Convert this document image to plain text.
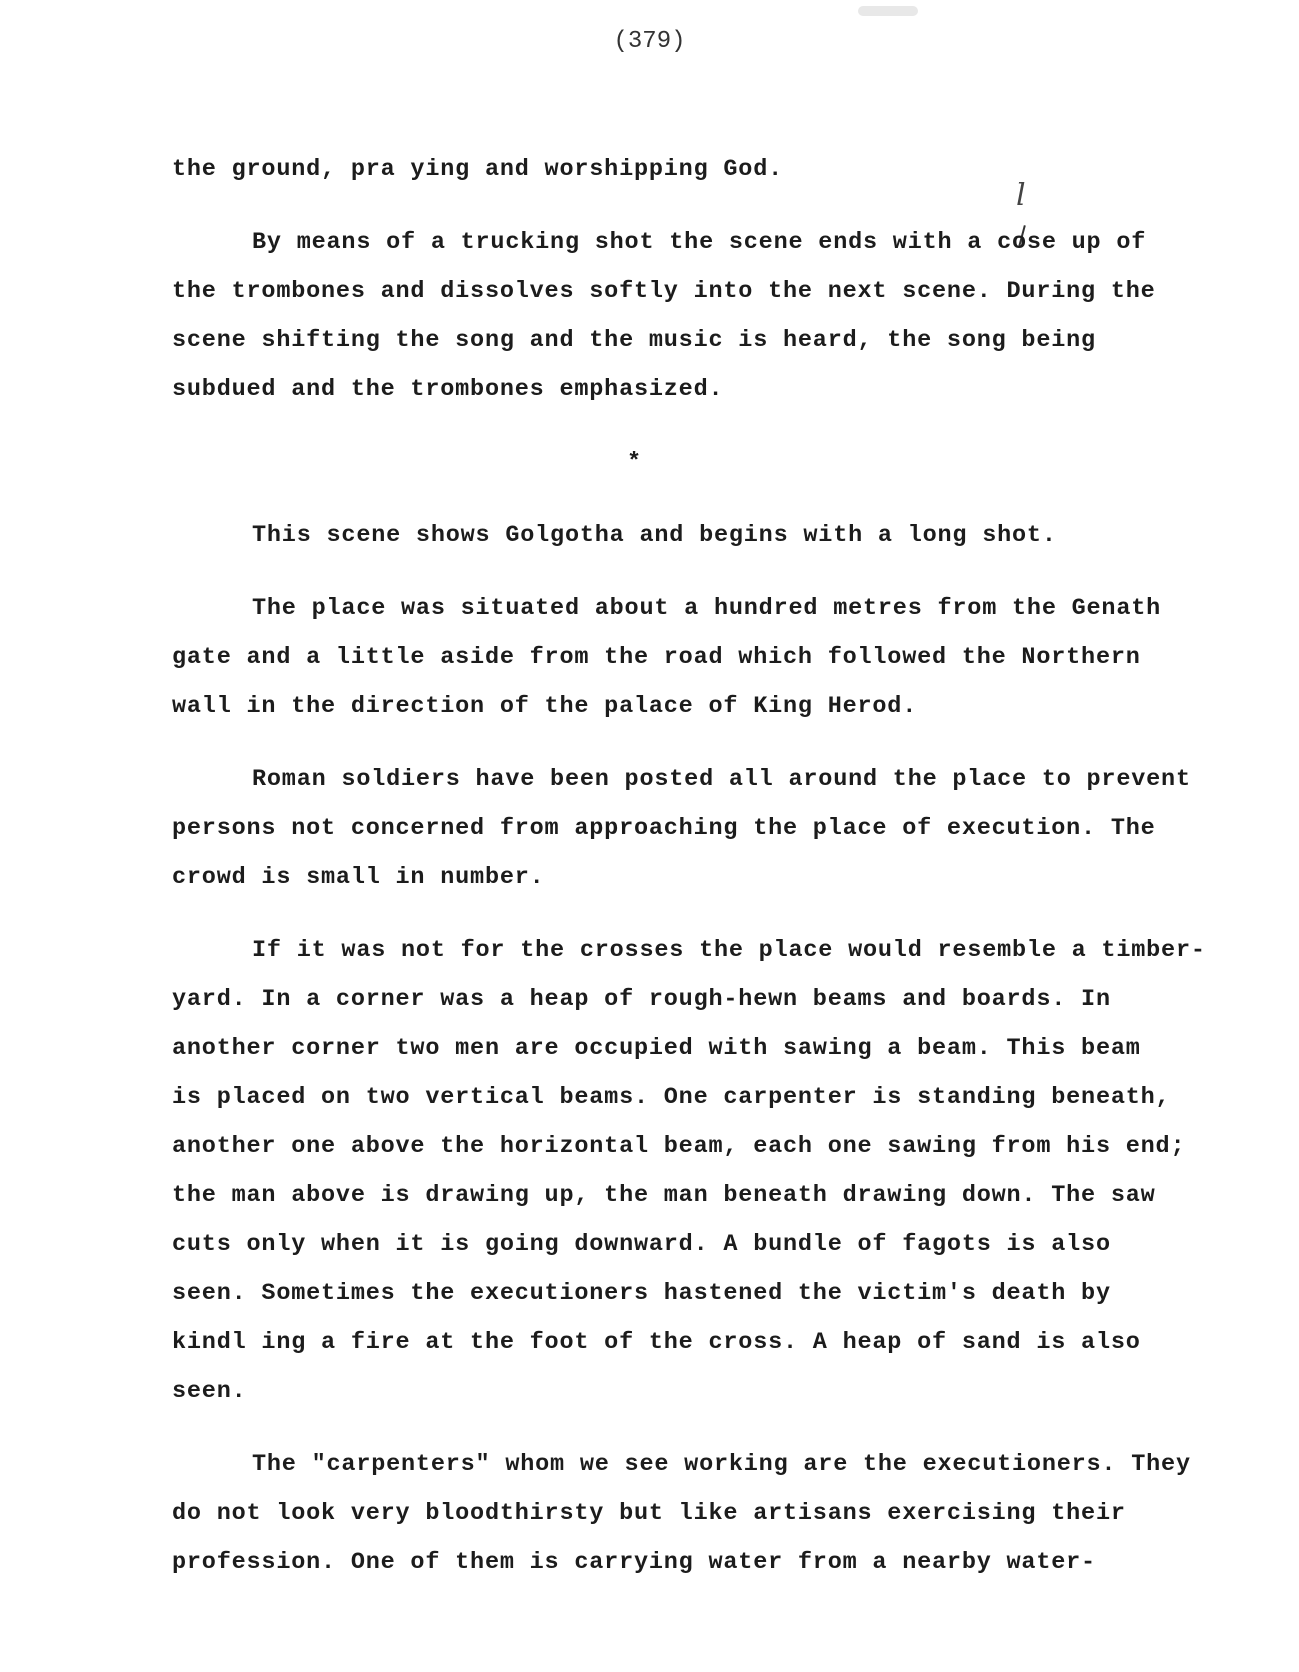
(379)
l

the ground, pra ying and worshipping God.

By means of a trucking shot the scene ends with a cose up of
the trombones and dissolves softly into the next scene. During the
scene shifting the song and the music is heard, the song being
subdued and the trombones emphasized.

*

This scene shows Golgotha and begins with a long shot.

The place was situated about a hundred metres from the Genath
gate and a little aside from the road which followed the Northern
wall in the direction of the palace of King Herod.

Roman soldiers have been posted all around the place to prevent
persons not concerned from approaching the place of execution. The
crowd is small in number.

If it was not for the crosses the place would resemble a timber-
yard. In a corner was a heap of rough-hewn beams and boards. In
another corner two men are occupied with sawing a beam. This beam
is placed on two vertical beams. One carpenter is standing beneath,
another one above the horizontal beam, each one sawing from his end;
the man above is drawing up, the man beneath drawing down. The saw
cuts only when it is going downward. A bundle of fagots is also
seen. Sometimes the executioners hastened the victim's death by
kindl ing a fire at the foot of the cross. A heap of sand is also
seen.

The "carpenters" whom we see working are the executioners. They
do not look very bloodthirsty but like artisans exercising their
profession. One of them is carrying water from a nearby water-
